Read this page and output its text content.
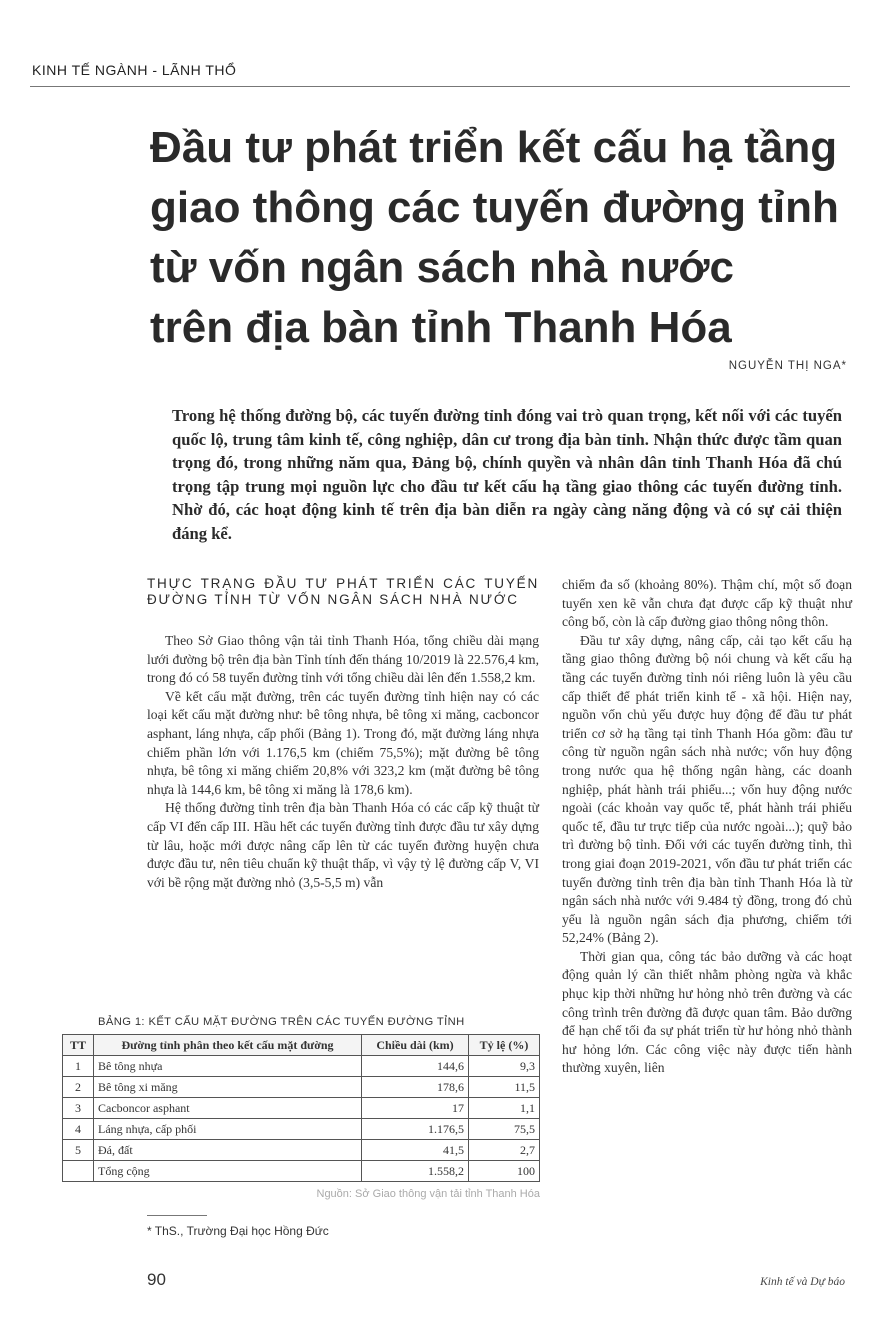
KINH TẾ NGÀNH - LÃNH THỔ
Đầu tư phát triển kết cấu hạ tầng
giao thông các tuyến đường tỉnh
từ vốn ngân sách nhà nước
trên địa bàn tỉnh Thanh Hóa
NGUYỄN THỊ NGA*
Trong hệ thống đường bộ, các tuyến đường tỉnh đóng vai trò quan trọng, kết nối với các tuyến quốc lộ, trung tâm kinh tế, công nghiệp, dân cư trong địa bàn tỉnh. Nhận thức được tầm quan trọng đó, trong những năm qua, Đảng bộ, chính quyền và nhân dân tỉnh Thanh Hóa đã chú trọng tập trung mọi nguồn lực cho đầu tư kết cấu hạ tầng giao thông các tuyến đường tỉnh. Nhờ đó, các hoạt động kinh tế trên địa bàn diễn ra ngày càng năng động và có sự cải thiện đáng kể.
THỰC TRẠNG ĐẦU TƯ PHÁT TRIỂN CÁC TUYẾN ĐƯỜNG TỈNH TỪ VỐN NGÂN SÁCH NHÀ NƯỚC

Theo Sở Giao thông vận tải tỉnh Thanh Hóa, tổng chiều dài mạng lưới đường bộ trên địa bàn Tỉnh tính đến tháng 10/2019 là 22.576,4 km, trong đó có 58 tuyến đường tỉnh với tổng chiều dài lên đến 1.558,2 km.

Về kết cấu mặt đường, trên các tuyến đường tỉnh hiện nay có các loại kết cấu mặt đường như: bê tông nhựa, bê tông xi măng, cacboncor asphant, láng nhựa, cấp phối (Bảng 1). Trong đó, mặt đường láng nhựa chiếm phần lớn với 1.176,5 km (chiếm 75,5%); mặt đường bê tông nhựa, bê tông xi măng chiếm 20,8% với 323,2 km (mặt đường bê tông nhựa là 144,6 km, bê tông xi măng là 178,6 km).

Hệ thống đường tỉnh trên địa bàn Thanh Hóa có các cấp kỹ thuật từ cấp VI đến cấp III. Hầu hết các tuyến đường tỉnh được đầu tư xây dựng từ lâu, hoặc mới được nâng cấp lên từ các tuyến đường huyện chưa được đầu tư, nên tiêu chuẩn kỹ thuật thấp, vì vậy tỷ lệ đường cấp V, VI với bề rộng mặt đường nhỏ (3,5-5,5 m) vẫn

BẢNG 1: KẾT CẤU MẶT ĐƯỜNG TRÊN CÁC TUYẾN ĐƯỜNG TỈNH
TT	Đường tỉnh phân theo kết cấu mặt đường	Chiều dài (km)	Tỷ lệ (%)
1	Bê tông nhựa	144,6	9,3
2	Bê tông xi măng	178,6	11,5
3	Cacboncor asphant	17	1,1
4	Láng nhựa, cấp phối	1.176,5	75,5
5	Đá, đất	41,5	2,7
	Tổng cộng	1.558,2	100
Nguồn: Sở Giao thông vận tải tỉnh Thanh Hóa

chiếm đa số (khoảng 80%). Thậm chí, một số đoạn tuyến xen kẽ vẫn chưa đạt được cấp kỹ thuật như công bố, còn là cấp đường giao thông nông thôn.

Đầu tư xây dựng, nâng cấp, cải tạo kết cấu hạ tầng giao thông đường bộ nói chung và kết cấu hạ tầng các tuyến đường tỉnh nói riêng luôn là yêu cầu cấp thiết để phát triển kinh tế - xã hội. Hiện nay, nguồn vốn chủ yếu được huy động để đầu tư phát triển cơ sở hạ tầng tại tỉnh Thanh Hóa gồm: đầu tư công từ nguồn ngân sách nhà nước; vốn huy động trong nước qua hệ thống ngân hàng, các doanh nghiệp, phát hành trái phiếu...; vốn huy động nước ngoài (các khoản vay quốc tế, phát hành trái phiếu quốc tế, đầu tư trực tiếp của nước ngoài...); quỹ bảo trì đường bộ tỉnh. Đối với các tuyến đường tỉnh, thì trong giai đoạn 2019-2021, vốn đầu tư phát triển các tuyến đường tỉnh trên địa bàn tỉnh Thanh Hóa là từ ngân sách nhà nước với 9.484 tỷ đồng, trong đó chủ yếu là nguồn ngân sách địa phương, chiếm tới 52,24% (Bảng 2).

Thời gian qua, công tác bảo dưỡng và các hoạt động quản lý cần thiết nhằm phòng ngừa và khắc phục kịp thời những hư hỏng nhỏ trên đường và các công trình trên đường đã được quan tâm. Bảo dưỡng để hạn chế tối đa sự phát triển từ hư hỏng nhỏ thành hư hỏng lớn. Các công việc này được tiến hành thường xuyên, liên

* ThS., Trường Đại học Hồng Đức
90	Kinh tế và Dự báo
